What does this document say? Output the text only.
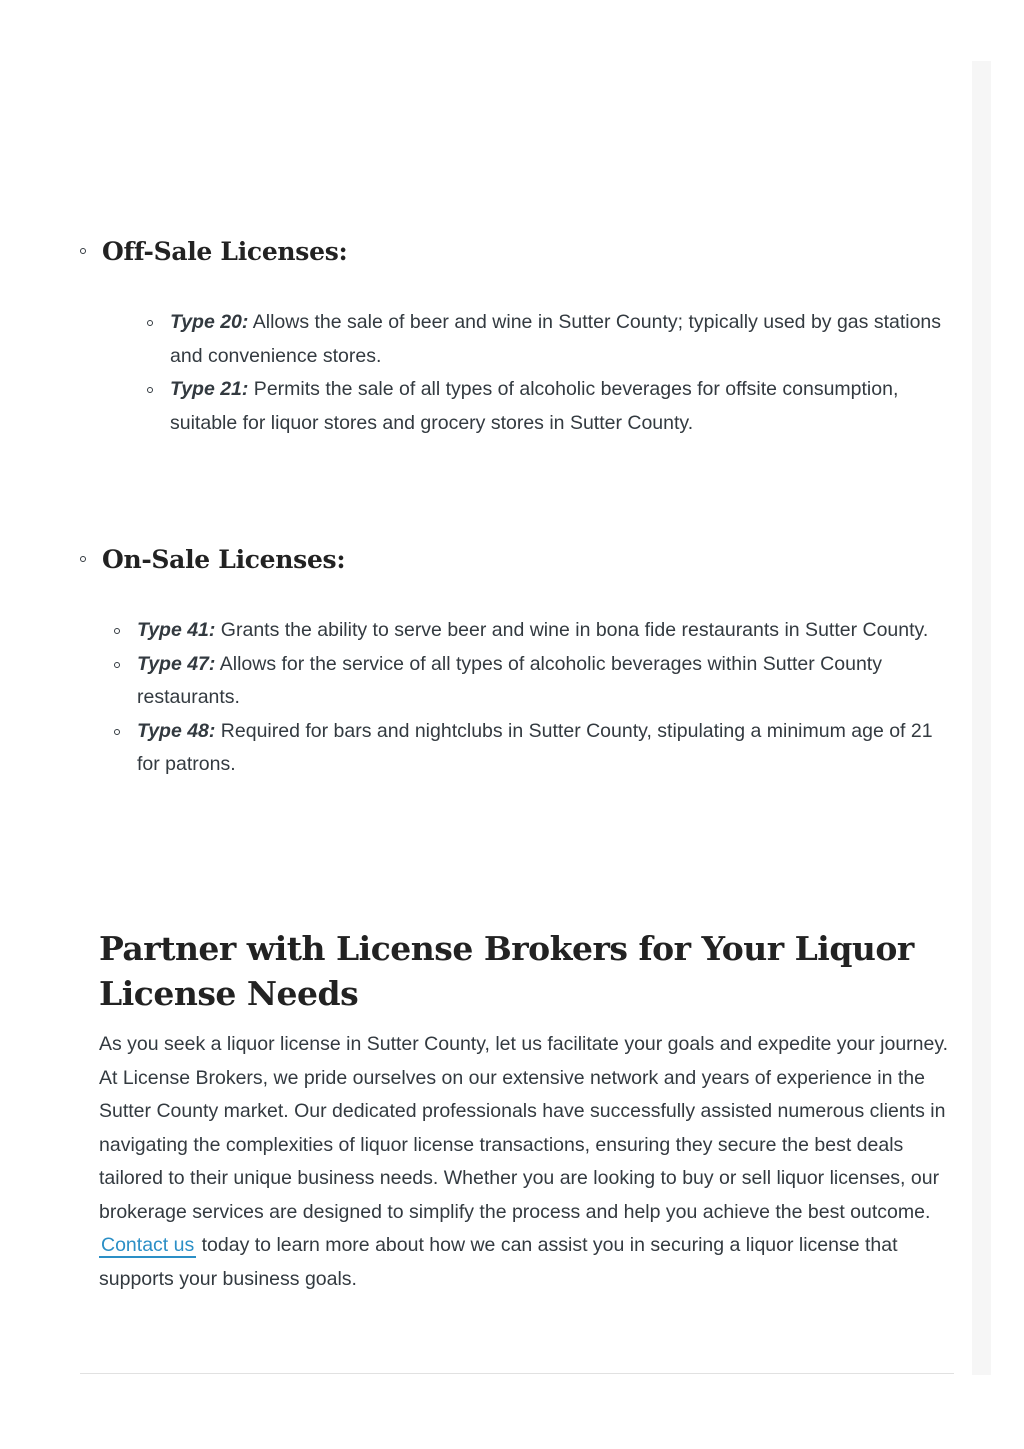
Off-Sale Licenses:
Type 20: Allows the sale of beer and wine in Sutter County; typically used by gas stations and convenience stores.
Type 21: Permits the sale of all types of alcoholic beverages for offsite consumption, suitable for liquor stores and grocery stores in Sutter County.
On-Sale Licenses:
Type 41: Grants the ability to serve beer and wine in bona fide restaurants in Sutter County.
Type 47: Allows for the service of all types of alcoholic beverages within Sutter County restaurants.
Type 48: Required for bars and nightclubs in Sutter County, stipulating a minimum age of 21 for patrons.
Partner with License Brokers for Your Liquor License Needs

As you seek a liquor license in Sutter County, let us facilitate your goals and expedite your journey. At License Brokers, we pride ourselves on our extensive network and years of experience in the Sutter County market. Our dedicated professionals have successfully assisted numerous clients in navigating the complexities of liquor license transactions, ensuring they secure the best deals tailored to their unique business needs. Whether you are looking to buy or sell liquor licenses, our brokerage services are designed to simplify the process and help you achieve the best outcome. Contact us today to learn more about how we can assist you in securing a liquor license that supports your business goals.
